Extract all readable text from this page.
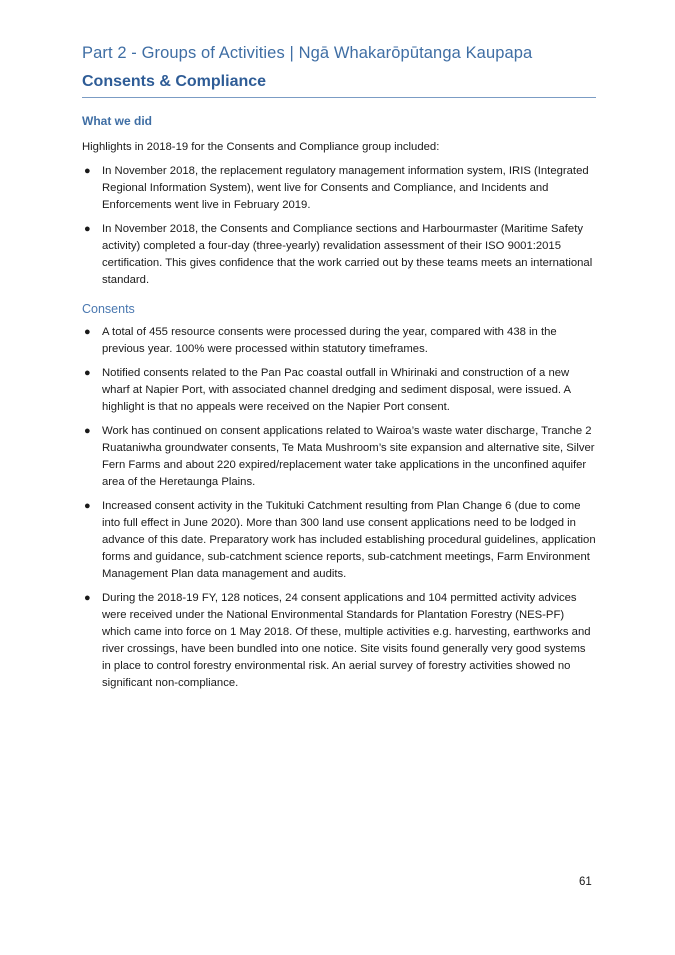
Part 2 - Groups of Activities | Ngā Whakarōpūtanga Kaupapa
Consents & Compliance
What we did

Highlights in 2018-19 for the Consents and Compliance group included:

● In November 2018, the replacement regulatory management information system, IRIS (Integrated Regional Information System), went live for Consents and Compliance, and Incidents and Enforcements went live in February 2019.
● In November 2018, the Consents and Compliance sections and Harbourmaster (Maritime Safety activity) completed a four-day (three-yearly) revalidation assessment of their ISO 9001:2015 certification. This gives confidence that the work carried out by these teams meets an international standard.
Consents
● A total of 455 resource consents were processed during the year, compared with 438 in the previous year. 100% were processed within statutory timeframes.
● Notified consents related to the Pan Pac coastal outfall in Whirinaki and construction of a new wharf at Napier Port, with associated channel dredging and sediment disposal, were issued. A highlight is that no appeals were received on the Napier Port consent.
● Work has continued on consent applications related to Wairoa’s waste water discharge, Tranche 2 Ruataniwha groundwater consents, Te Mata Mushroom’s site expansion and alternative site, Silver Fern Farms and about 220 expired/replacement water take applications in the unconfined aquifer area of the Heretaunga Plains.
● Increased consent activity in the Tukituki Catchment resulting from Plan Change 6 (due to come into full effect in June 2020). More than 300 land use consent applications need to be lodged in advance of this date. Preparatory work has included establishing procedural guidelines, application forms and guidance, sub-catchment science reports, sub-catchment meetings, Farm Environment Management Plan data management and audits.
● During the 2018-19 FY, 128 notices, 24 consent applications and 104 permitted activity advices were received under the National Environmental Standards for Plantation Forestry (NES-PF) which came into force on 1 May 2018. Of these, multiple activities e.g. harvesting, earthworks and river crossings, have been bundled into one notice. Site visits found generally very good systems in place to control forestry environmental risk. An aerial survey of forestry activities showed no significant non-compliance.
61
